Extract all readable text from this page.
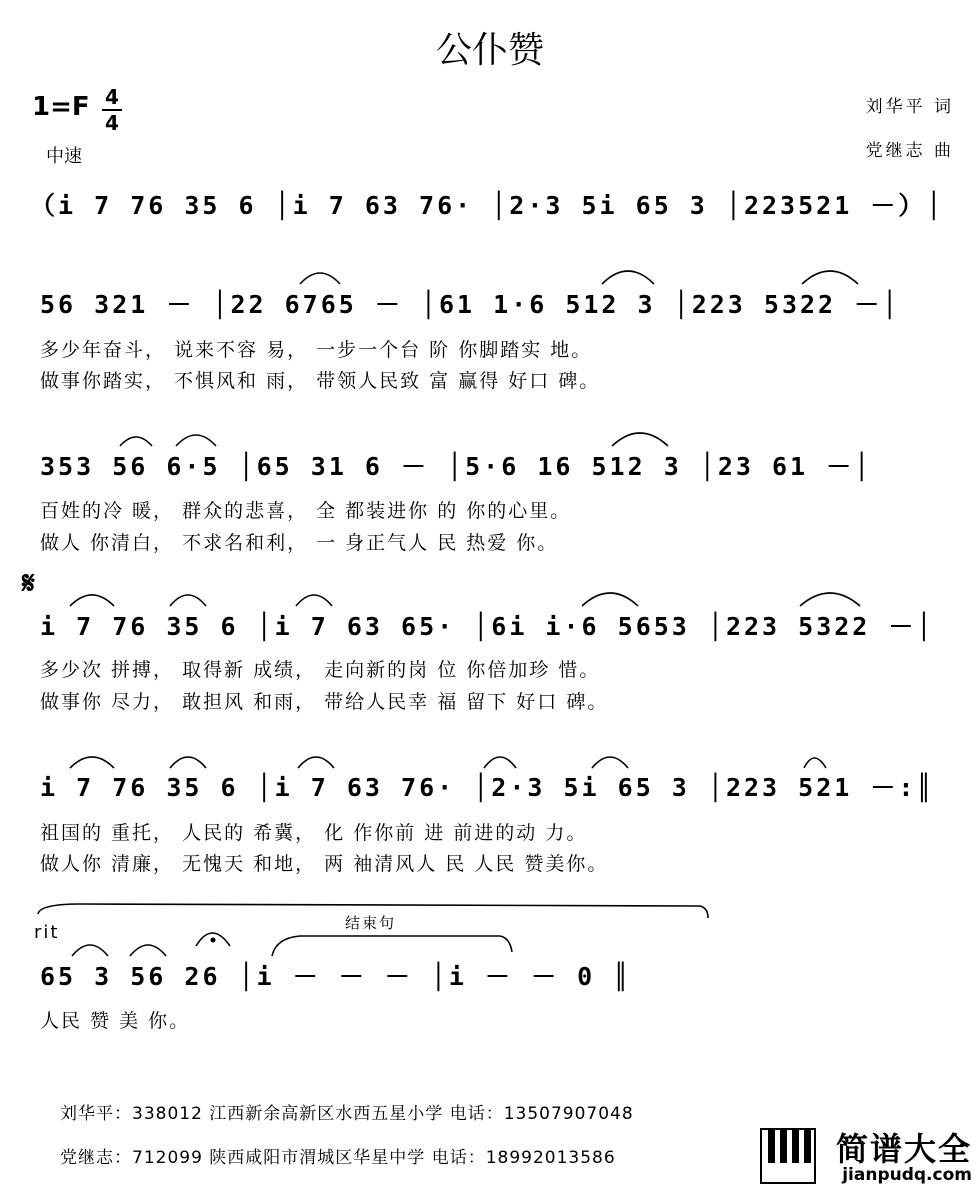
公仆赞
1=F 4
4
中速
刘华平 词
党继志 曲
（i 7 76 35 6 │i 7 63 76· │2·3 5i 65 3 │223521 －）│
56 321 － │22 6765 － │61 1·6 512 3 │223 5322 －│
多少年奋斗， 说来不容 易， 一步一个台 阶 你脚踏实 地。
做事你踏实， 不惧风和 雨， 带领人民致 富 赢得 好口 碑。
353 56 6·5 │65 31 6 － │5·6 16 512 3 │23 61 －│
百姓的冷 暖， 群众的悲喜， 全 都装进你 的 你的心里。
做人 你清白， 不求名和利， 一 身正气人 民 热爱 你。
𝄋
i 7 76 35 6 │i 7 63 65· │6i i·6 5653 │223 5322 －│
多少次 拼搏， 取得新 成绩， 走向新的岗 位 你倍加珍 惜。
做事你 尽力， 敢担风 和雨， 带给人民幸 福 留下 好口 碑。
i 7 76 35 6 │i 7 63 76· │2·3 5i 65 3 │223 521 －:║
祖国的 重托， 人民的 希冀， 化 作你前 进 前进的动 力。
做人你 清廉， 无愧天 和地， 两 袖清风人 民 人民 赞美你。
rit	结束句
65 3 56 26 │i － － － │i － － 0 ║
人民 赞 美 你。
刘华平：338012 江西新余高新区水西五星小学 电话：13507907048
党继志：712099 陕西咸阳市渭城区华星中学 电话：18992013586	简谱大全
jianpudq.com
